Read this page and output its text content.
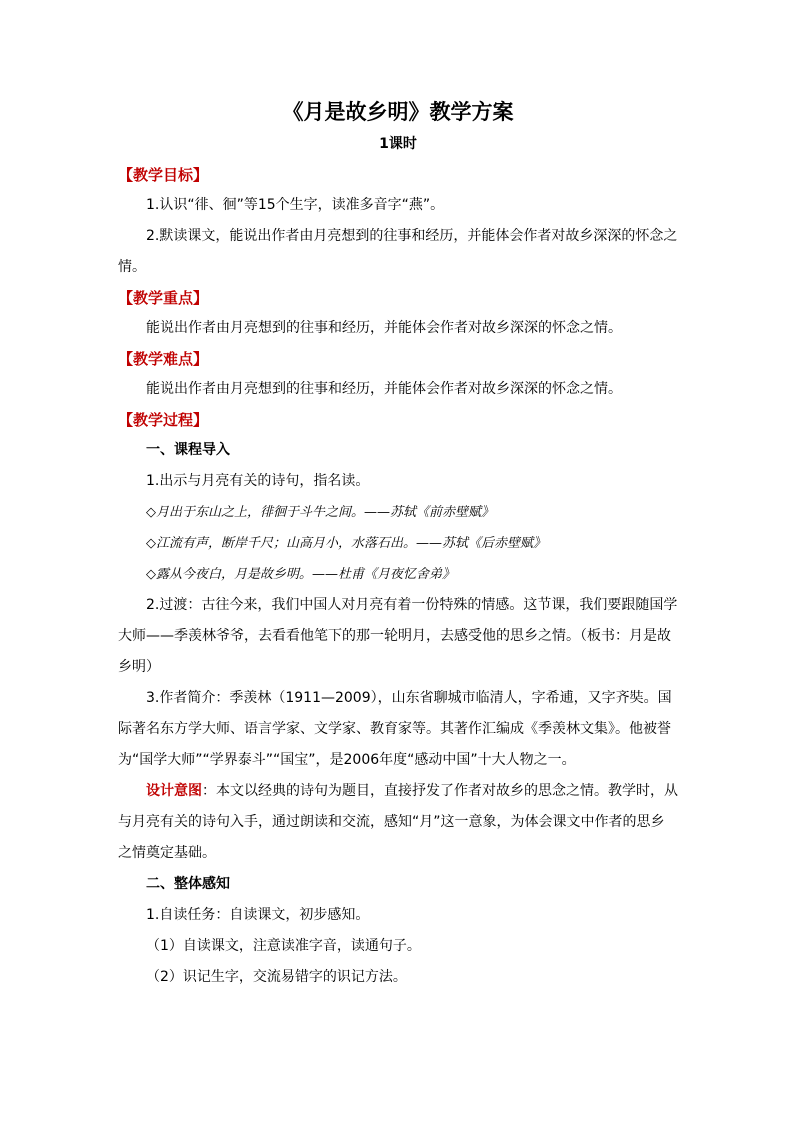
《月是故乡明》教学方案
1课时
【教学目标】

1.认识“徘、徊”等15个生字，读准多音字“燕”。

2.默读课文，能说出作者由月亮想到的往事和经历，并能体会作者对故乡深深的怀念之情。

【教学重点】

能说出作者由月亮想到的往事和经历，并能体会作者对故乡深深的怀念之情。

【教学难点】

能说出作者由月亮想到的往事和经历，并能体会作者对故乡深深的怀念之情。

【教学过程】

一、课程导入

1.出示与月亮有关的诗句，指名读。

◇月出于东山之上，徘徊于斗牛之间。——苏轼《前赤壁赋》

◇江流有声，断岸千尺；山高月小，水落石出。——苏轼《后赤壁赋》

◇露从今夜白，月是故乡明。——杜甫《月夜忆舍弟》

2.过渡：古往今来，我们中国人对月亮有着一份特殊的情感。这节课，我们要跟随国学大师——季羡林爷爷，去看看他笔下的那一轮明月，去感受他的思乡之情。（板书：月是故乡明）

3.作者简介：季羡林（1911—2009），山东省聊城市临清人，字希逋，又字齐奘。国际著名东方学大师、语言学家、文学家、教育家等。其著作汇编成《季羡林文集》。他被誉为“国学大师”“学界泰斗”“国宝”，是2006年度“感动中国”十大人物之一。

设计意图：本文以经典的诗句为题目，直接抒发了作者对故乡的思念之情。教学时，从与月亮有关的诗句入手，通过朗读和交流，感知“月”这一意象，为体会课文中作者的思乡之情奠定基础。

二、整体感知

1.自读任务：自读课文，初步感知。

（1）自读课文，注意读准字音，读通句子。

（2）识记生字，交流易错字的识记方法。
